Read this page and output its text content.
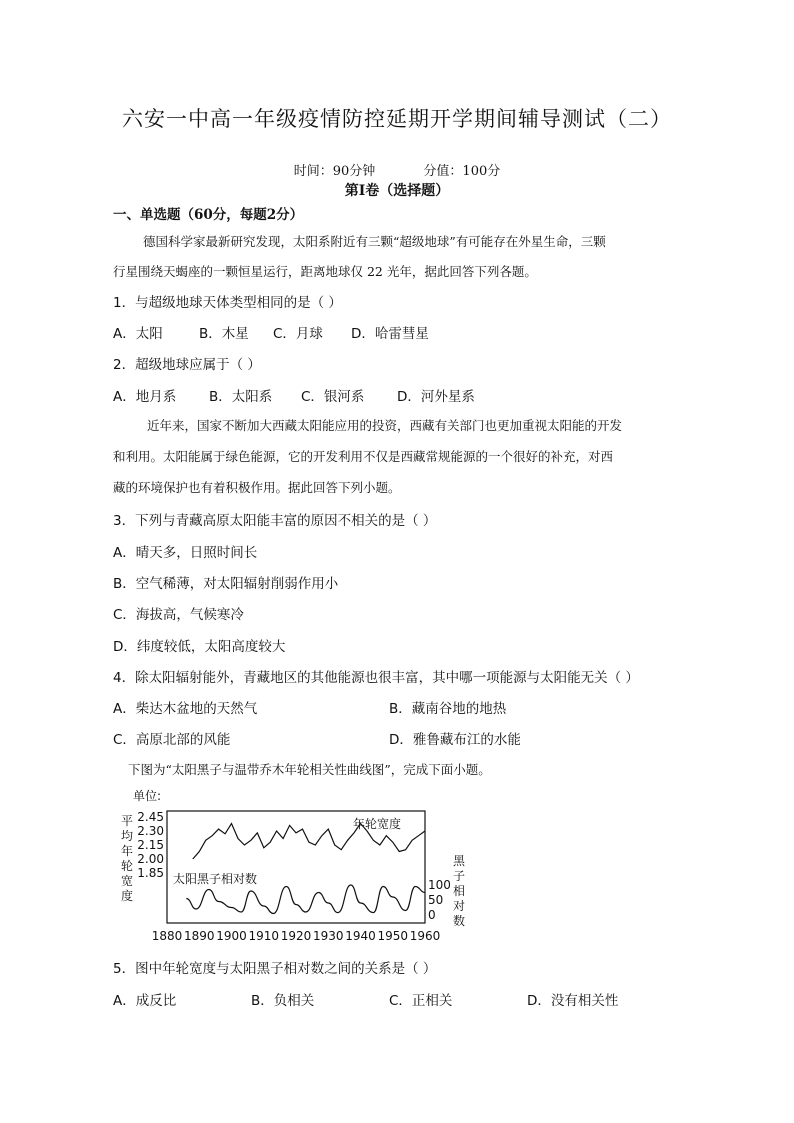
六安一中高一年级疫情防控延期开学期间辅导测试（二）
时间：90分钟	分值：100分
第Ⅰ卷（选择题）
一、单选题（60分，每题2分）
德国科学家最新研究发现，太阳系附近有三颗“超级地球”有可能存在外星生命，三颗
行星围绕天蝎座的一颗恒星运行，距离地球仅 22 光年，据此回答下列各题。
1．与超级地球天体类型相同的是（ ）
A．太阳	B．木星 C．月球 D．哈雷彗星
2．超级地球应属于（ ）
A．地月系 B．太阳系 C．银河系 D．河外星系
近年来，国家不断加大西藏太阳能应用的投资，西藏有关部门也更加重视太阳能的开发
和利用。太阳能属于绿色能源，它的开发利用不仅是西藏常规能源的一个很好的补充，对西
藏的环境保护也有着积极作用。据此回答下列小题。
3．下列与青藏高原太阳能丰富的原因不相关的是（ ）
A．晴天多，日照时间长
B．空气稀薄，对太阳辐射削弱作用小
C．海拔高，气候寒冷
D．纬度较低，太阳高度较大
4．除太阳辐射能外，青藏地区的其他能源也很丰富，其中哪一项能源与太阳能无关（ ）
A．柴达木盆地的天然气	B．藏南谷地的地热
C．高原北部的风能	D．雅鲁藏布江的水能
下图为“太阳黑子与温带乔木年轮相关性曲线图”，完成下面小题。
单位:
平
均
年
轮
宽
度
2.45
2.30
2.15
2.00
1.85
黑
子
相
对
数
100
50
0
1880 1890 1900 1910 1920 1930 1940 1950 1960
年轮宽度
太阳黑子相对数
5．图中年轮宽度与太阳黑子相对数之间的关系是（ ）
A．成反比	B．负相关	C．正相关	D．没有相关性
